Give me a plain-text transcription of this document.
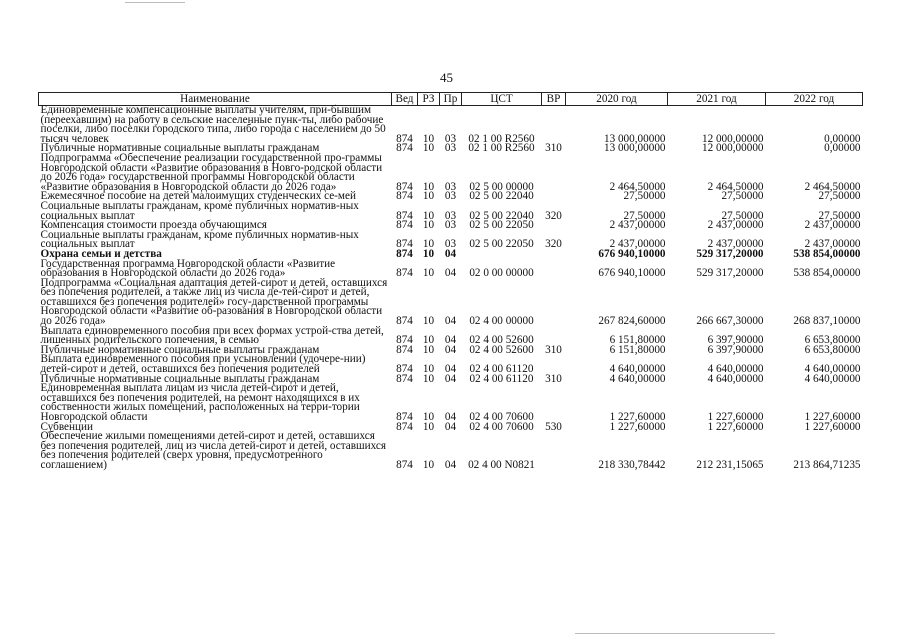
45
Наименование	Вед	РЗ	Пр	ЦСТ	ВР	2020 год	2021 год	2022 год
Единовременные компенсационные выплаты учителям, при-бывшим (переехавшим) на работу в сельские населенные пунк-ты, либо рабочие поселки, либо поселки городского типа, либо города с населением до 50 тысяч человек	874	10	03	02 1 00 R2560		13 000,00000	12 000,00000	0,00000
Публичные нормативные социальные выплаты гражданам	874	10	03	02 1 00 R2560	310	13 000,00000	12 000,00000	0,00000
Подпрограмма «Обеспечение реализации государственной про-граммы Новгородской области «Развитие образования в Новго-родской области до 2026 года» государственной программы Новгородской области «Развитие образования в Новгородской области до 2026 года»	874	10	03	02 5 00 00000		2 464,50000	2 464,50000	2 464,50000
Ежемесячное пособие на детей малоимущих студенческих се-мей	874	10	03	02 5 00 22040		27,50000	27,50000	27,50000
Социальные выплаты гражданам, кроме публичных норматив-ных социальных выплат	874	10	03	02 5 00 22040	320	27,50000	27,50000	27,50000
Компенсация стоимости проезда обучающимся	874	10	03	02 5 00 22050		2 437,00000	2 437,00000	2 437,00000
Социальные выплаты гражданам, кроме публичных норматив-ных социальных выплат	874	10	03	02 5 00 22050	320	2 437,00000	2 437,00000	2 437,00000
Охрана семьи и детства	874	10	04			676 940,10000	529 317,20000	538 854,00000
Государственная программа Новгородской области «Развитие образования в Новгородской области до 2026 года»	874	10	04	02 0 00 00000		676 940,10000	529 317,20000	538 854,00000
Подпрограмма «Социальная адаптация детей-сирот и детей, оставшихся без попечения родителей, а также лиц из числа де-тей-сирот и детей, оставшихся без попечения родителей» госу-дарственной программы Новгородской области «Развитие об-разования в Новгородской области до 2026 года»	874	10	04	02 4 00 00000		267 824,60000	266 667,30000	268 837,10000
Выплата единовременного пособия при всех формах устрой-ства детей, лишенных родительского попечения, в семью	874	10	04	02 4 00 52600		6 151,80000	6 397,90000	6 653,80000
Публичные нормативные социальные выплаты гражданам	874	10	04	02 4 00 52600	310	6 151,80000	6 397,90000	6 653,80000
Выплата единовременного пособия при усыновлении (удочере-нии) детей-сирот и детей, оставшихся без попечения родителей	874	10	04	02 4 00 61120		4 640,00000	4 640,00000	4 640,00000
Публичные нормативные социальные выплаты гражданам	874	10	04	02 4 00 61120	310	4 640,00000	4 640,00000	4 640,00000
Единовременная выплата лицам из числа детей-сирот и детей, оставшихся без попечения родителей, на ремонт находящихся в их собственности жилых помещений, расположенных на терри-тории Новгородской области	874	10	04	02 4 00 70600		1 227,60000	1 227,60000	1 227,60000
Субвенции	874	10	04	02 4 00 70600	530	1 227,60000	1 227,60000	1 227,60000
Обеспечение жилыми помещениями детей-сирот и детей, оставшихся без попечения родителей, лиц из числа детей-сирот и детей, оставшихся без попечения родителей (сверх уровня, предусмотренного соглашением)	874	10	04	02 4 00 N0821		218 330,78442	212 231,15065	213 864,71235
